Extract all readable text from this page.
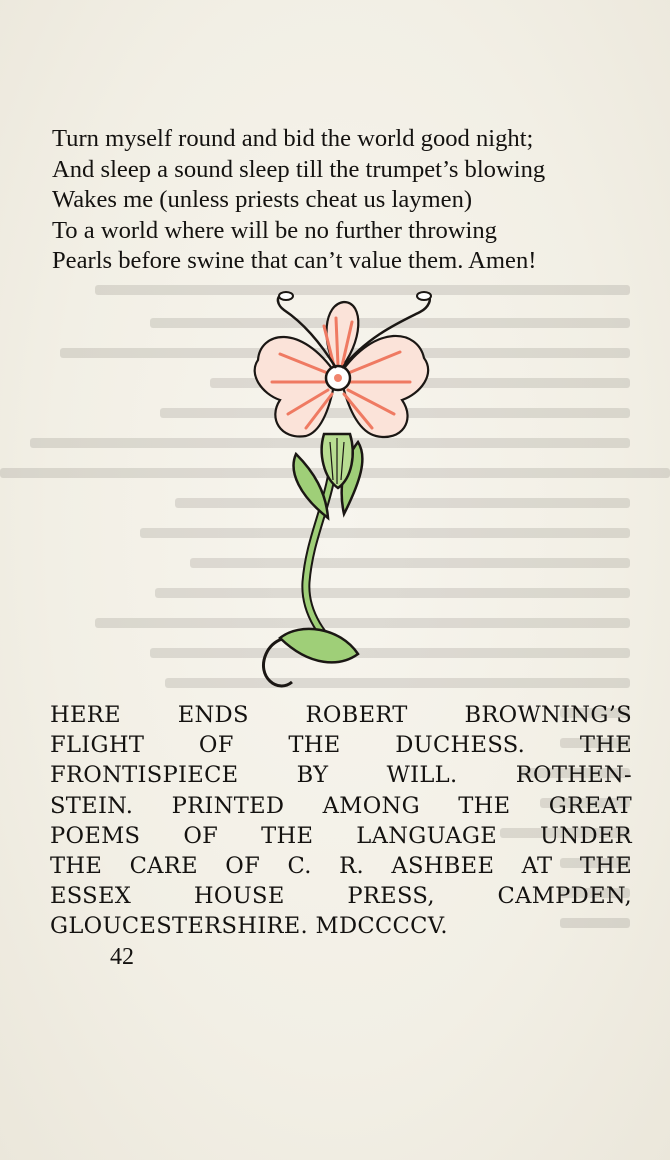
Turn myself round and bid the world good night;
And sleep a sound sleep till the trumpet’s blowing
Wakes me (unless priests cheat us laymen)
To a world where will be no further throwing
Pearls before swine that can’t value them. Amen!
HERE ENDS ROBERT BROWNING’S
FLIGHT OF THE DUCHESS. THE
FRONTISPIECE BY WILL. ROTHEN-
STEIN. PRINTED AMONG THE GREAT
POEMS OF THE LANGUAGE UNDER
THE CARE OF C. R. ASHBEE AT THE
ESSEX HOUSE PRESS, CAMPDEN,
GLOUCESTERSHIRE. MDCCCCV.
42
